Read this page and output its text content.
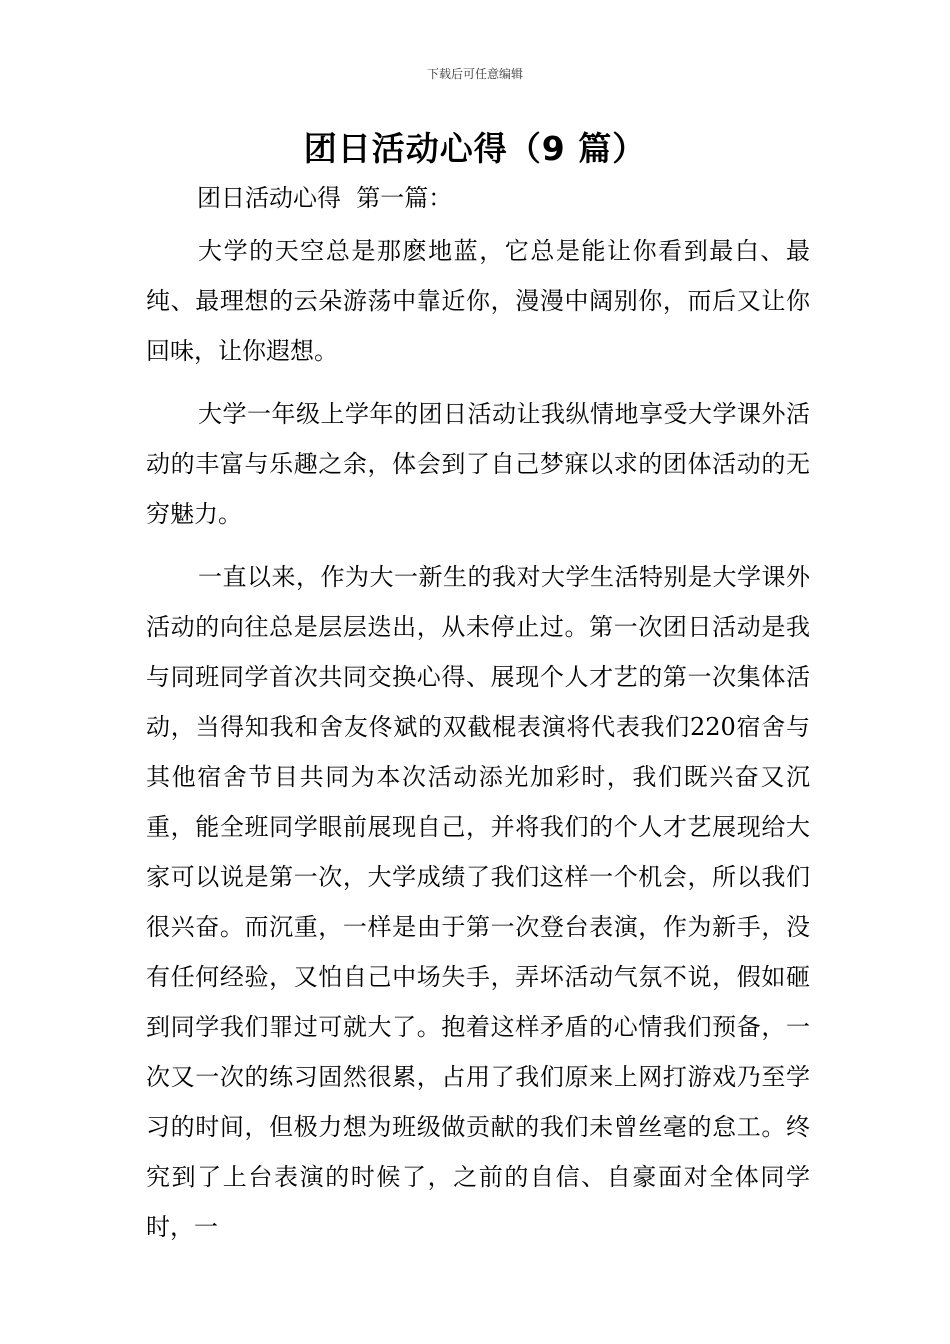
下载后可任意编辑
团日活动心得（9 篇）
团日活动心得  第一篇：

大学的天空总是那麽地蓝，它总是能让你看到最白、最纯、最理想的云朵游荡中靠近你，漫漫中阔别你，而后又让你回味，让你遐想。

大学一年级上学年的团日活动让我纵情地享受大学课外活动的丰富与乐趣之余，体会到了自己梦寐以求的团体活动的无穷魅力。

一直以来，作为大一新生的我对大学生活特别是大学课外活动的向往总是层层迭出，从未停止过。第一次团日活动是我与同班同学首次共同交换心得、展现个人才艺的第一次集体活动，当得知我和舍友佟斌的双截棍表演将代表我们220宿舍与其他宿舍节目共同为本次活动添光加彩时，我们既兴奋又沉重，能全班同学眼前展现自己，并将我们的个人才艺展现给大家可以说是第一次，大学成绩了我们这样一个机会，所以我们很兴奋。而沉重，一样是由于第一次登台表演，作为新手，没有任何经验，又怕自己中场失手，弄坏活动气氛不说，假如砸到同学我们罪过可就大了。抱着这样矛盾的心情我们预备，一次又一次的练习固然很累，占用了我们原来上网打游戏乃至学习的时间，但极力想为班级做贡献的我们未曾丝毫的怠工。终究到了上台表演的时候了，之前的自信、自豪面对全体同学时，一
